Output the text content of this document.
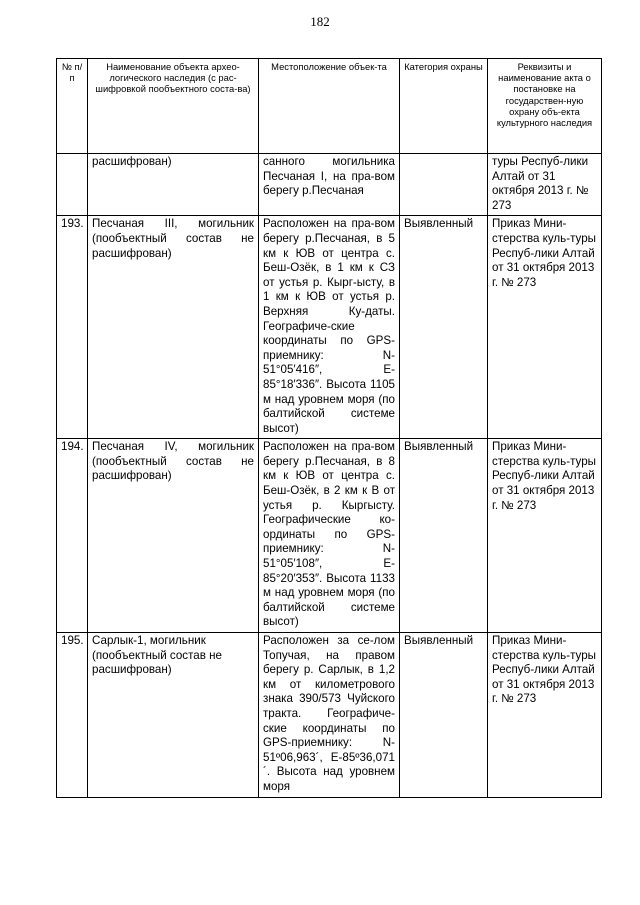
182
№ п/п	Наименование объекта архео-логического наследия (с рас-шифровкой пообъектного соста-ва)	Местоположение объек-та	Категория охраны	Реквизиты и наименование акта о постановке на государствен-ную охрану объ-екта культурного наследия
	расшифрован)	санного могильника Песчаная I, на пра-вом берегу р.Песчаная		туры Респуб-лики Алтай от 31 октября 2013 г. № 273
193.	Песчаная III, могильник (пообъектный состав не расшифрован)	Расположен на пра-вом берегу р.Песчаная, в 5 км к ЮВ от центра с. Беш-Озёк, в 1 км к СЗ от устья р. Кырг-ысту, в 1 км к ЮВ от устья р. Верхняя Ку-даты. Географиче-ские координаты по GPS-приемнику: N-51°05′416″, E-85°18′336″. Высота 1105 м над уровнем моря (по балтийской системе высот)	Выявленный	Приказ Мини-стерства куль-туры Респуб-лики Алтай от 31 октября 2013 г. № 273
194.	Песчаная IV, могильник (пообъектный состав не расшифрован)	Расположен на пра-вом берегу р.Песчаная, в 8 км к ЮВ от центра с. Беш-Озёк, в 2 км к В от устья р. Кыргысту. Географические ко-ординаты по GPS-приемнику: N-51°05′108″, E-85°20′353″. Высота 1133 м над уровнем моря (по балтийской системе высот)	Выявленный	Приказ Мини-стерства куль-туры Респуб-лики Алтай от 31 октября 2013 г. № 273
195.	Сарлык-1, могильник (пообъектный состав не расшифрован)	Расположен за се-лом Топучая, на правом берегу р. Сарлык, в 1,2 км от километрового знака 390/573 Чуйского тракта. Географиче-ские координаты по GPS-приемнику: N-51º06,963´, E-85º36,071´. Высота над уровнем моря	Выявленный	Приказ Мини-стерства куль-туры Респуб-лики Алтай от 31 октября 2013 г. № 273
